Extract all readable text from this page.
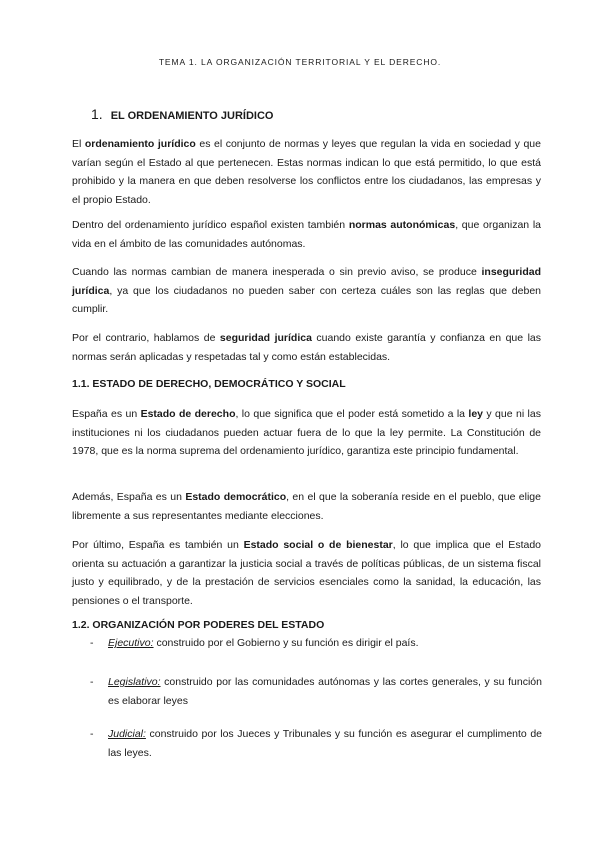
TEMA 1. LA ORGANIZACIÓN TERRITORIAL Y EL DERECHO.
1. EL ORDENAMIENTO JURÍDICO

El ordenamiento jurídico es el conjunto de normas y leyes que regulan la vida en sociedad y que varían según el Estado al que pertenecen. Estas normas indican lo que está permitido, lo que está prohibido y la manera en que deben resolverse los conflictos entre los ciudadanos, las empresas y el propio Estado.

Dentro del ordenamiento jurídico español existen también normas autonómicas, que organizan la vida en el ámbito de las comunidades autónomas.

Cuando las normas cambian de manera inesperada o sin previo aviso, se produce inseguridad jurídica, ya que los ciudadanos no pueden saber con certeza cuáles son las reglas que deben cumplir.

Por el contrario, hablamos de seguridad jurídica cuando existe garantía y confianza en que las normas serán aplicadas y respetadas tal y como están establecidas.

1.1. ESTADO DE DERECHO, DEMOCRÁTICO Y SOCIAL

España es un Estado de derecho, lo que significa que el poder está sometido a la ley y que ni las instituciones ni los ciudadanos pueden actuar fuera de lo que la ley permite. La Constitución de 1978, que es la norma suprema del ordenamiento jurídico, garantiza este principio fundamental.

Además, España es un Estado democrático, en el que la soberanía reside en el pueblo, que elige libremente a sus representantes mediante elecciones.

Por último, España es también un Estado social o de bienestar, lo que implica que el Estado orienta su actuación a garantizar la justicia social a través de políticas públicas, de un sistema fiscal justo y equilibrado, y de la prestación de servicios esenciales como la sanidad, la educación, las pensiones o el transporte.

1.2. ORGANIZACIÓN POR PODERES DEL ESTADO
- Ejecutivo: construido por el Gobierno y su función es dirigir el país.
- Legislativo: construido por las comunidades autónomas y las cortes generales, y su función es elaborar leyes
- Judicial: construido por los Jueces y Tribunales y su función es asegurar el cumplimento de las leyes.
